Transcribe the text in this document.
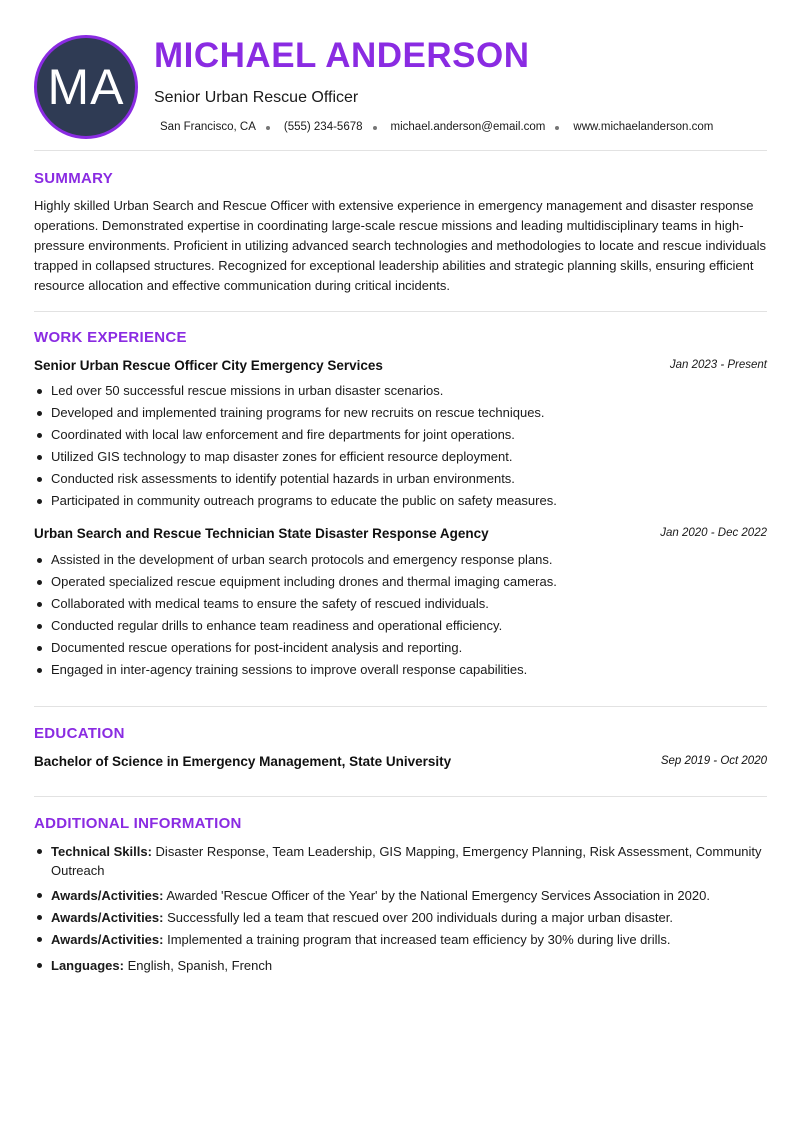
MA
MICHAEL ANDERSON
Senior Urban Rescue Officer
San Francisco, CA (555) 234-5678 michael.anderson@email.com www.michaelanderson.com
SUMMARY

Highly skilled Urban Search and Rescue Officer with extensive experience in emergency management and disaster response operations. Demonstrated expertise in coordinating large-scale rescue missions and leading multidisciplinary teams in high-pressure environments. Proficient in utilizing advanced search technologies and methodologies to locate and rescue individuals trapped in collapsed structures. Recognized for exceptional leadership abilities and strategic planning skills, ensuring efficient resource allocation and effective communication during critical incidents.

WORK EXPERIENCE
Senior Urban Rescue Officer City Emergency Services	Jan 2023 - Present
Led over 50 successful rescue missions in urban disaster scenarios.
Developed and implemented training programs for new recruits on rescue techniques.
Coordinated with local law enforcement and fire departments for joint operations.
Utilized GIS technology to map disaster zones for efficient resource deployment.
Conducted risk assessments to identify potential hazards in urban environments.
Participated in community outreach programs to educate the public on safety measures.
Urban Search and Rescue Technician State Disaster Response Agency	Jan 2020 - Dec 2022
Assisted in the development of urban search protocols and emergency response plans.
Operated specialized rescue equipment including drones and thermal imaging cameras.
Collaborated with medical teams to ensure the safety of rescued individuals.
Conducted regular drills to enhance team readiness and operational efficiency.
Documented rescue operations for post-incident analysis and reporting.
Engaged in inter-agency training sessions to improve overall response capabilities.
EDUCATION
Bachelor of Science in Emergency Management, State University	Sep 2019 - Oct 2020
ADDITIONAL INFORMATION
Technical Skills: Disaster Response, Team Leadership, GIS Mapping, Emergency Planning, Risk Assessment, Community Outreach
Awards/Activities: Awarded 'Rescue Officer of the Year' by the National Emergency Services Association in 2020.
Awards/Activities: Successfully led a team that rescued over 200 individuals during a major urban disaster.
Awards/Activities: Implemented a training program that increased team efficiency by 30% during live drills.
Languages: English, Spanish, French
